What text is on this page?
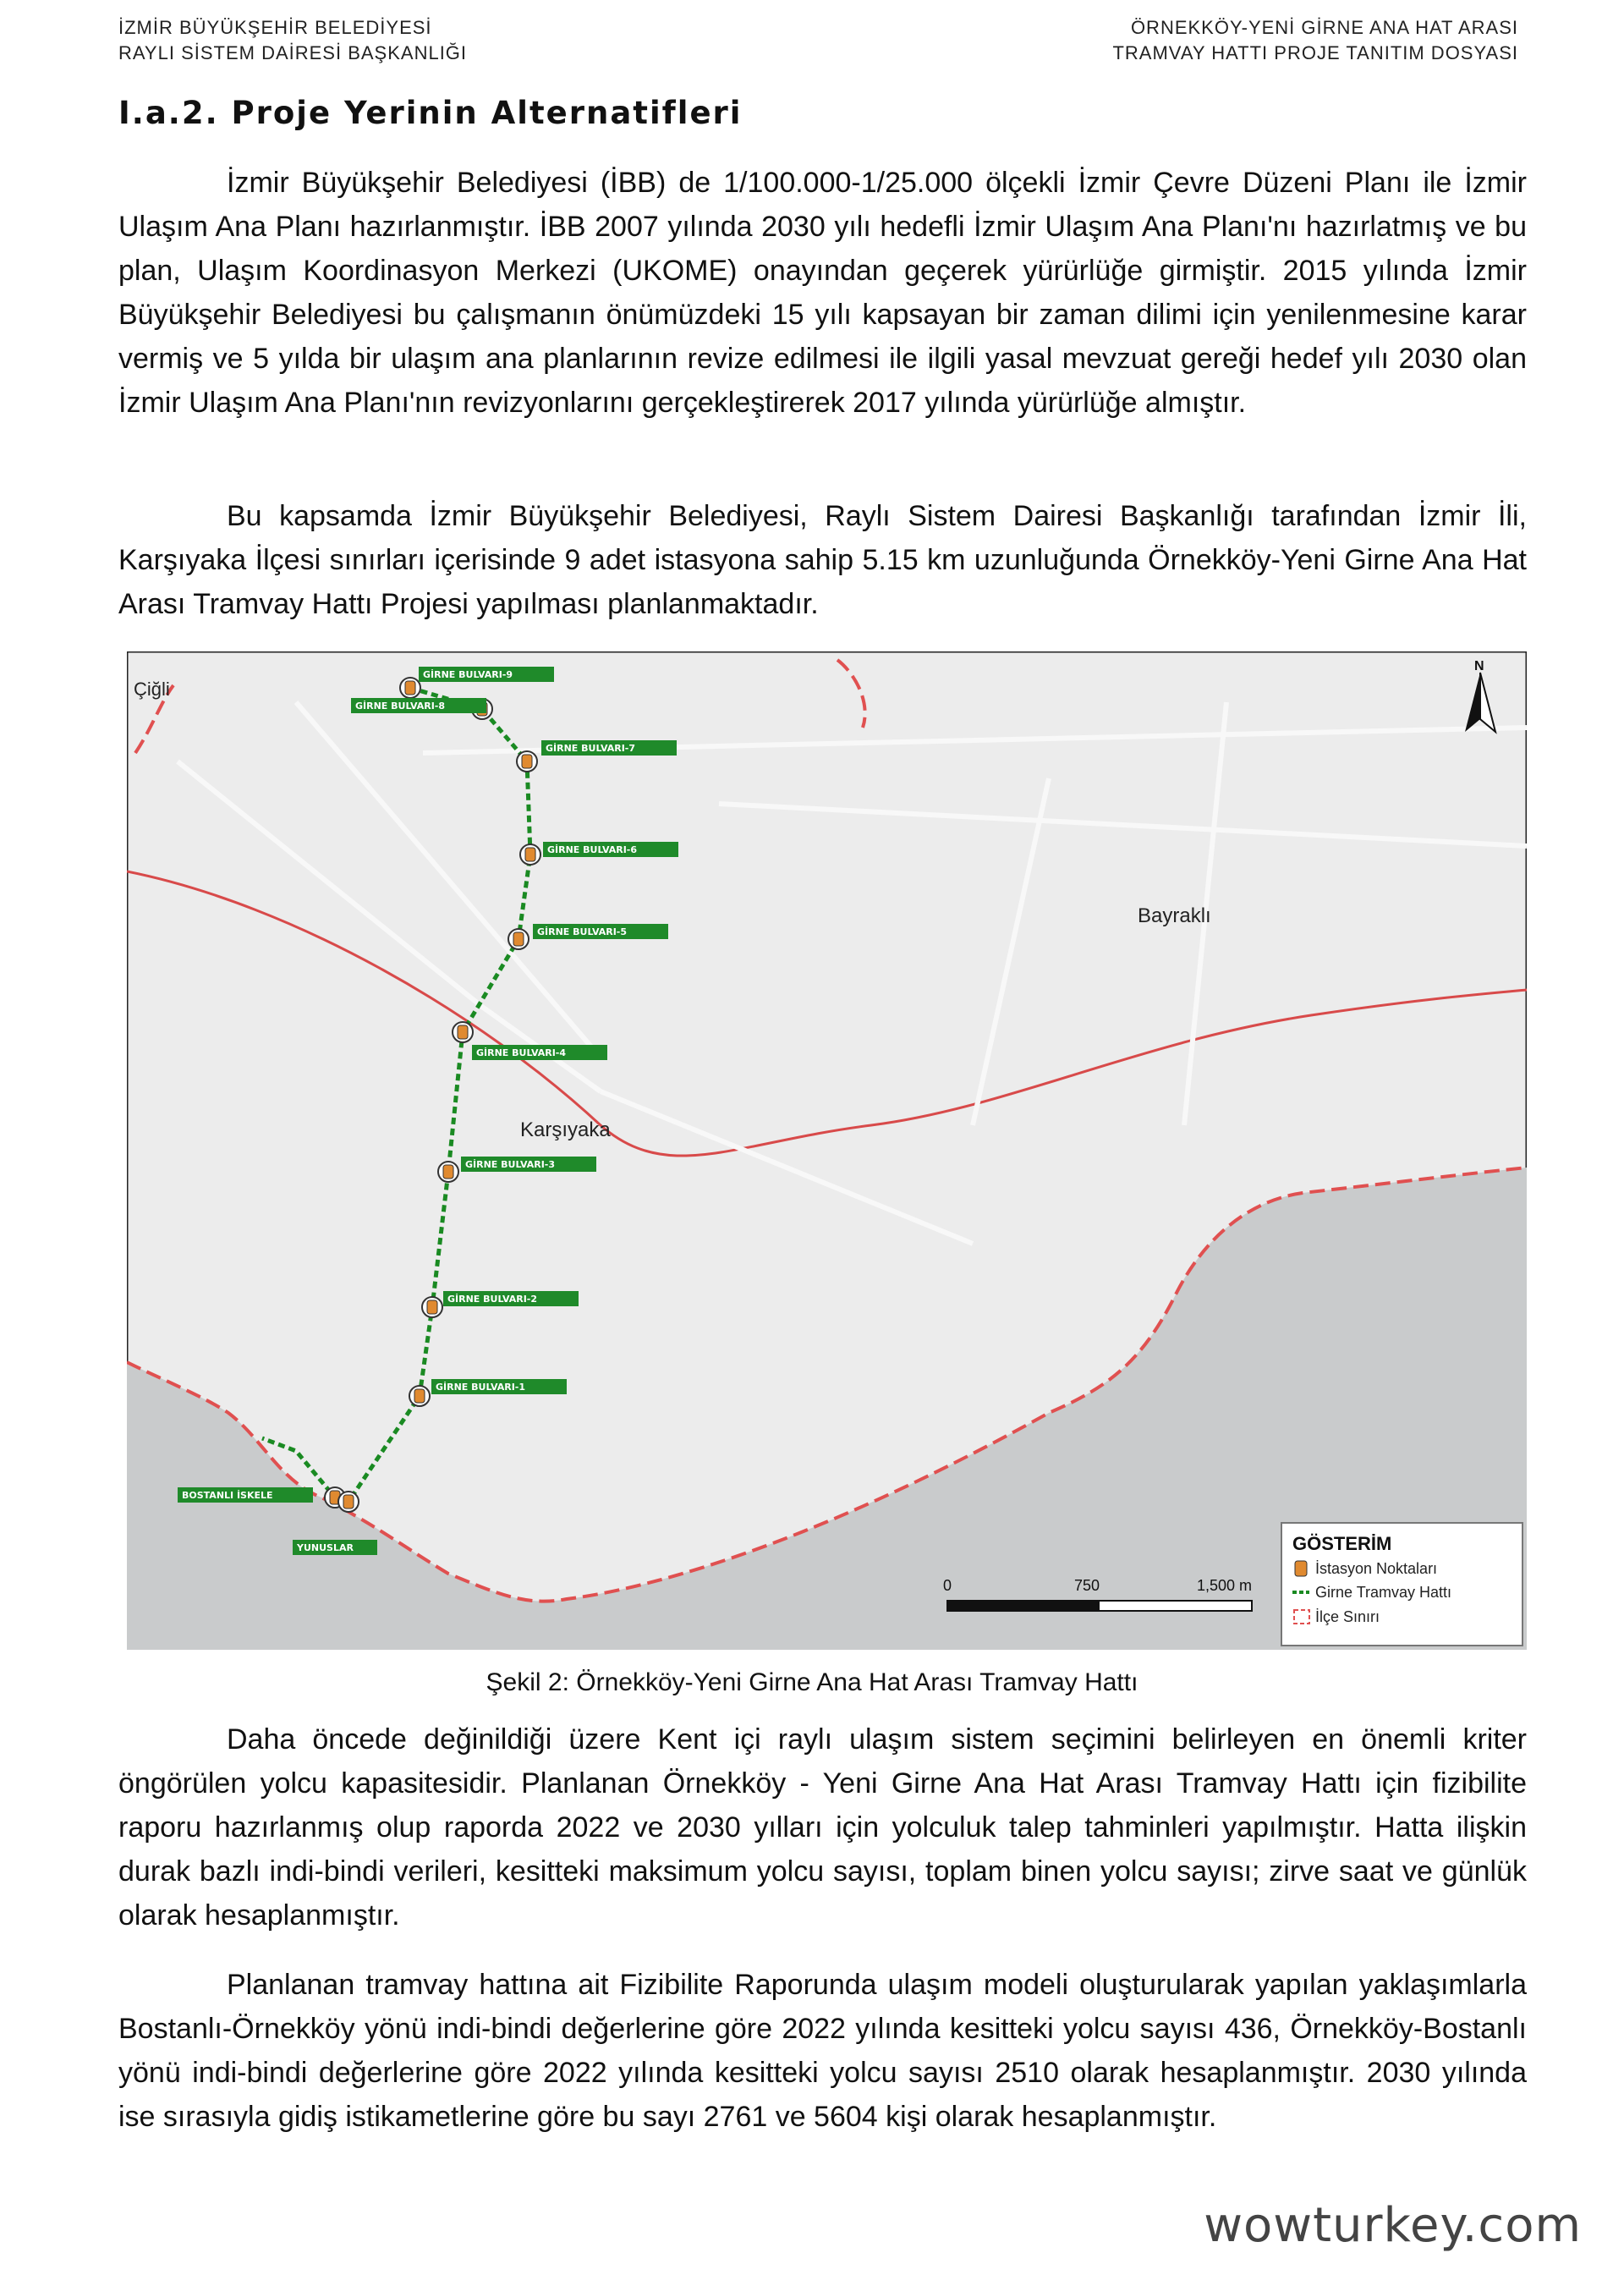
İZMİR BÜYÜKŞEHİR BELEDİYESİ
RAYLI SİSTEM DAİRESİ BAŞKANLIĞI
ÖRNEKKÖY-YENİ GİRNE ANA HAT ARASI
TRAMVAY HATTI PROJE TANITIM DOSYASI
I.a.2. Proje Yerinin Alternatifleri

İzmir Büyükşehir Belediyesi (İBB) de 1/100.000-1/25.000 ölçekli İzmir Çevre Düzeni Planı ile İzmir Ulaşım Ana Planı hazırlanmıştır. İBB 2007 yılında 2030 yılı hedefli İzmir Ulaşım Ana Planı'nı hazırlatmış ve bu plan, Ulaşım Koordinasyon Merkezi (UKOME) onayından geçerek yürürlüğe girmiştir. 2015 yılında İzmir Büyükşehir Belediyesi bu çalışmanın önümüzdeki 15 yılı kapsayan bir zaman dilimi için yenilenmesine karar vermiş ve 5 yılda bir ulaşım ana planlarının revize edilmesi ile ilgili yasal mevzuat gereği hedef yılı 2030 olan İzmir Ulaşım Ana Planı'nın revizyonlarını gerçekleştirerek 2017 yılında yürürlüğe almıştır.

Bu kapsamda İzmir Büyükşehir Belediyesi, Raylı Sistem Dairesi Başkanlığı tarafından İzmir İli, Karşıyaka İlçesi sınırları içerisinde 9 adet istasyona sahip 5.15 km uzunluğunda Örnekköy-Yeni Girne Ana Hat Arası Tramvay Hattı Projesi yapılması planlanmaktadır.

GİRNE BULVARI-9
GİRNE BULVARI-8
GİRNE BULVARI-7
GİRNE BULVARI-6
GİRNE BULVARI-5
GİRNE BULVARI-4
GİRNE BULVARI-3
GİRNE BULVARI-2
GİRNE BULVARI-1
BOSTANLI İSKELE
YUNUSLAR
Çiğli
Bayraklı
Karşıyaka
N
GÖSTERİM
İstasyon Noktaları
Girne Tramvay Hattı
İlçe Sınırı
0	750	1,500 m
Şekil 2: Örnekköy-Yeni Girne Ana Hat Arası Tramvay Hattı

Daha öncede değinildiği üzere Kent içi raylı ulaşım sistem seçimini belirleyen en önemli kriter öngörülen yolcu kapasitesidir. Planlanan Örnekköy - Yeni Girne Ana Hat Arası Tramvay Hattı için fizibilite raporu hazırlanmış olup raporda 2022 ve 2030 yılları için yolculuk talep tahminleri yapılmıştır. Hatta ilişkin durak bazlı indi-bindi verileri, kesitteki maksimum yolcu sayısı, toplam binen yolcu sayısı; zirve saat ve günlük olarak hesaplanmıştır.

Planlanan tramvay hattına ait Fizibilite Raporunda ulaşım modeli oluşturularak yapılan yaklaşımlarla Bostanlı-Örnekköy yönü indi-bindi değerlerine göre 2022 yılında kesitteki yolcu sayısı 436, Örnekköy-Bostanlı yönü indi-bindi değerlerine göre 2022 yılında kesitteki yolcu sayısı 2510 olarak hesaplanmıştır. 2030 yılında ise sırasıyla gidiş istikametlerine göre bu sayı 2761 ve 5604 kişi olarak hesaplanmıştır.

wowturkey.com
